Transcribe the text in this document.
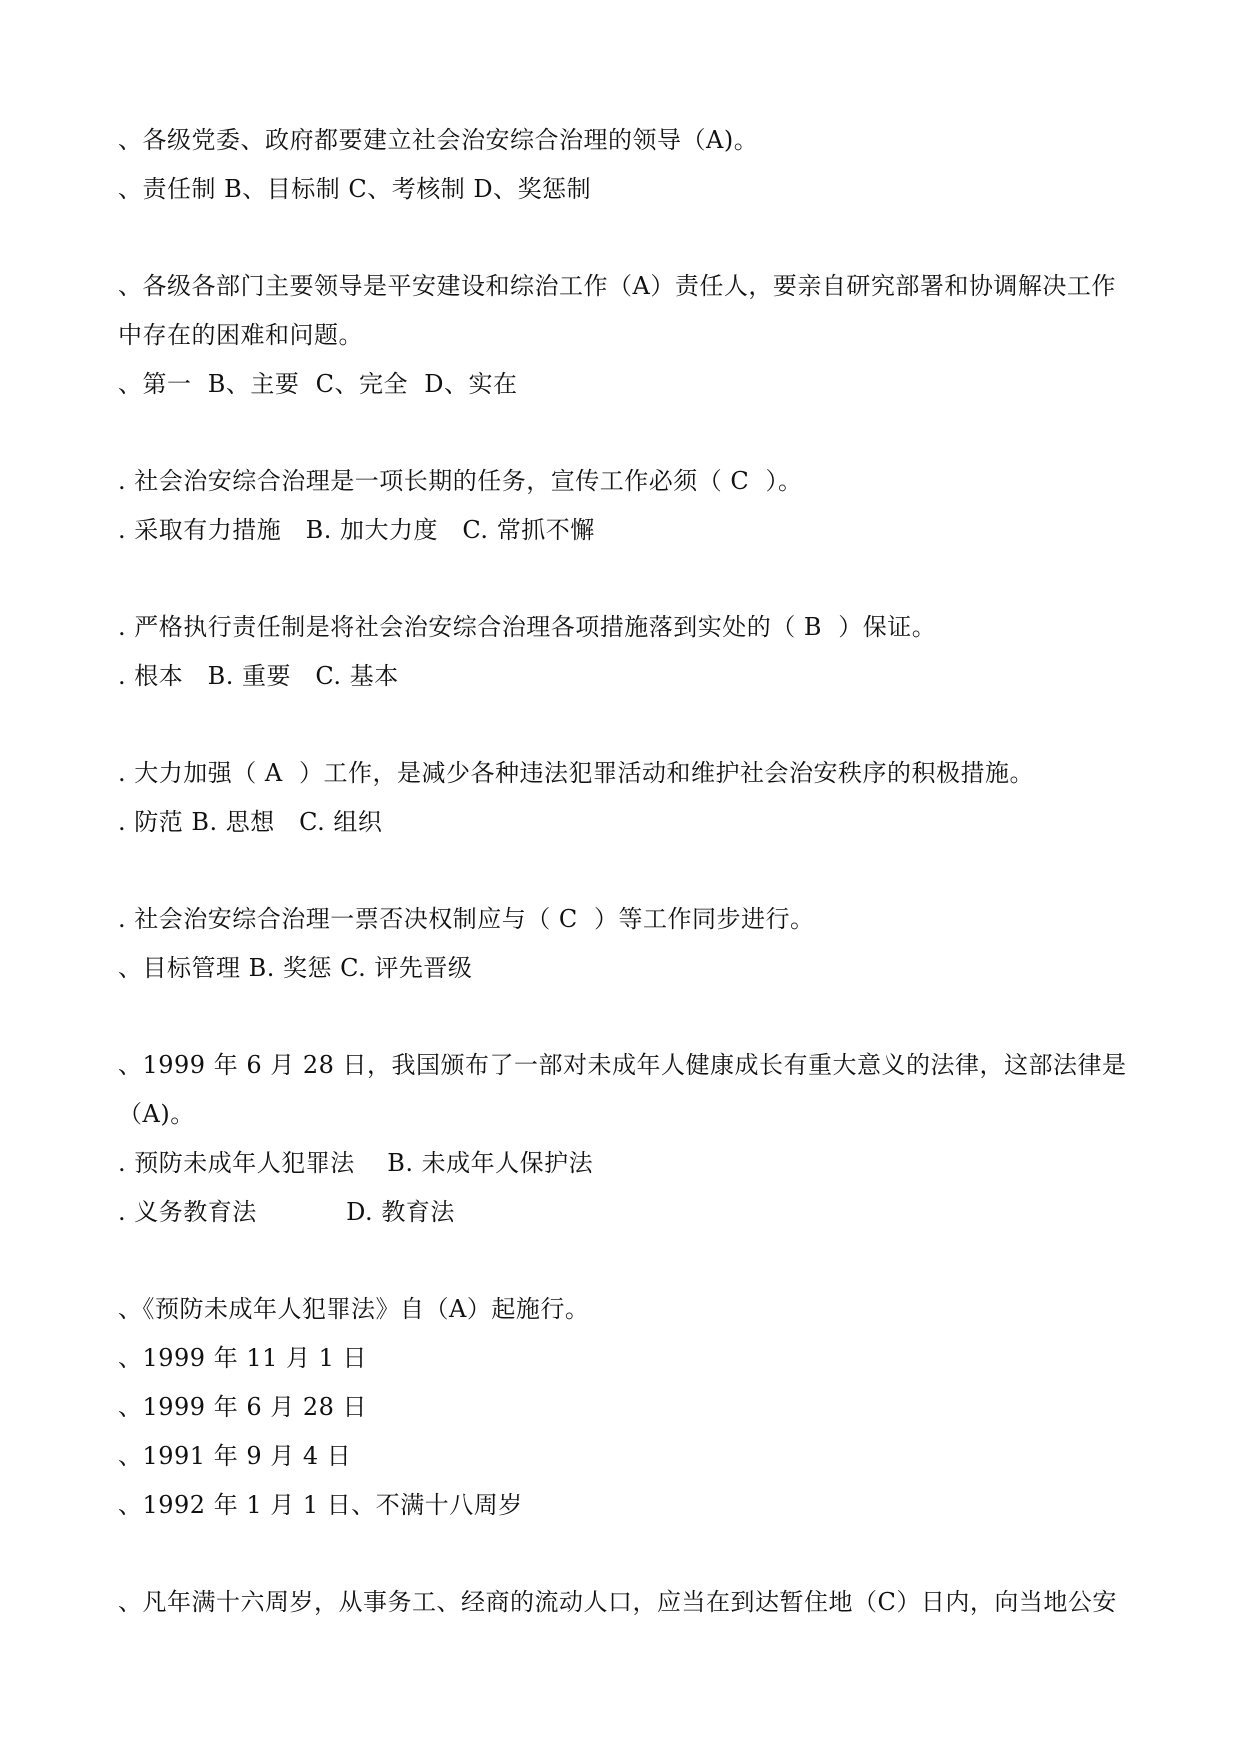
、各级党委、政府都要建立社会治安综合治理的领导（A)。
、责任制 B、目标制 C、考核制 D、奖惩制
、各级各部门主要领导是平安建设和综治工作（A）责任人，要亲自研究部署和协调解决工作
中存在的困难和问题。
、第一  B、主要  C、完全  D、实在
. 社会治安综合治理是一项长期的任务，宣传工作必须（ C  ）。
. 采取有力措施   B. 加大力度   C. 常抓不懈
. 严格执行责任制是将社会治安综合治理各项措施落到实处的（ B  ）保证。
. 根本   B. 重要   C. 基本
. 大力加强（ A  ）工作，是减少各种违法犯罪活动和维护社会治安秩序的积极措施。
. 防范 B. 思想   C. 组织
. 社会治安综合治理一票否决权制应与（ C  ）等工作同步进行。
、目标管理 B. 奖惩 C. 评先晋级
、1999 年 6 月 28 日，我国颁布了一部对未成年人健康成长有重大意义的法律，这部法律是
（A)。
. 预防未成年人犯罪法    B. 未成年人保护法
. 义务教育法           D. 教育法
、《预防未成年人犯罪法》自（A）起施行。
、1999 年 11 月 1 日
、1999 年 6 月 28 日
、1991 年 9 月 4 日
、1992 年 1 月 1 日、不满十八周岁
、凡年满十六周岁，从事务工、经商的流动人口，应当在到达暂住地（C）日内，向当地公安
